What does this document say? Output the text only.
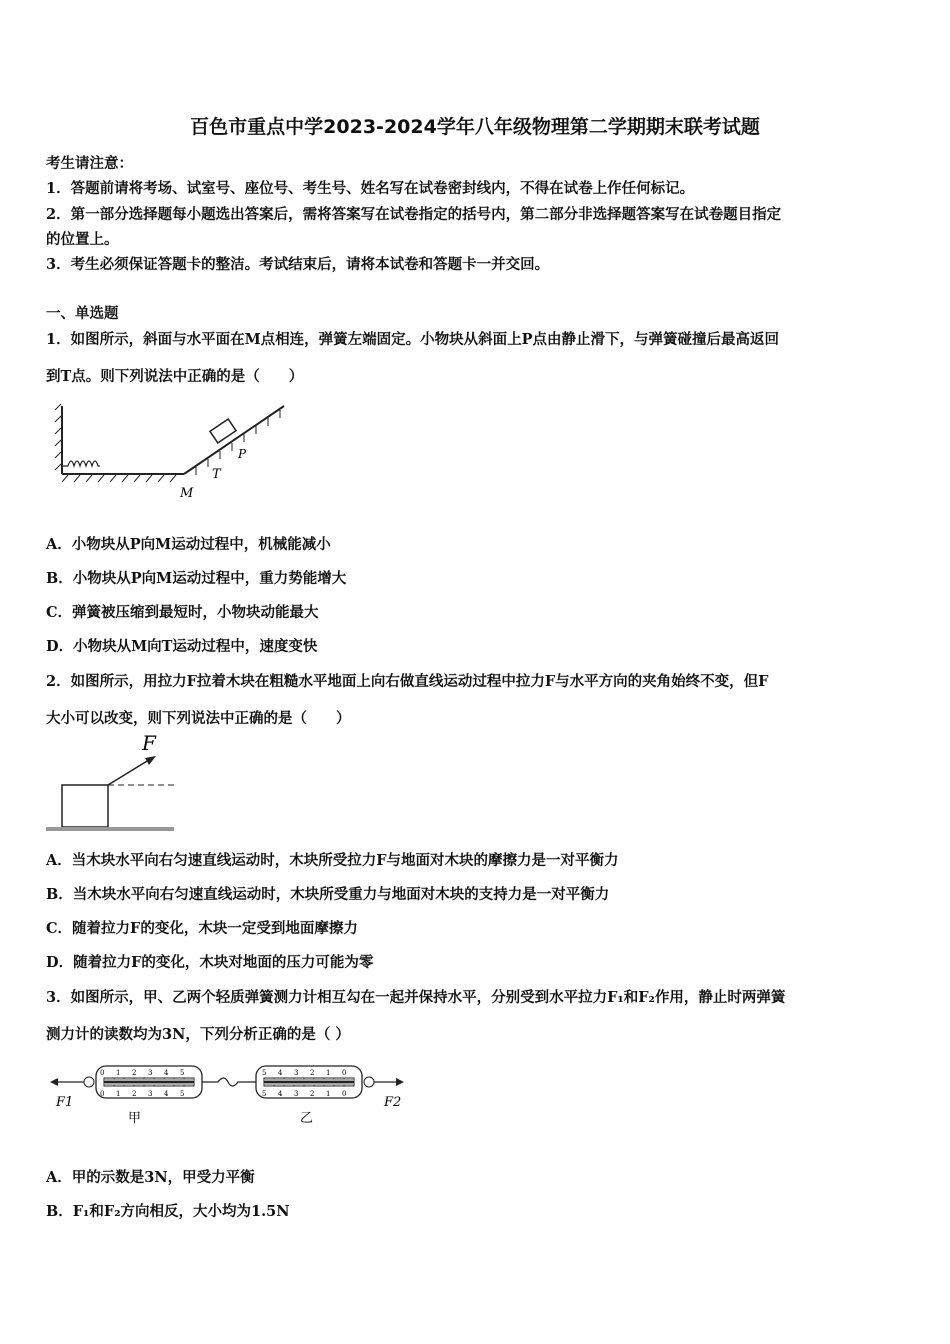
百色市重点中学2023-2024学年八年级物理第二学期期末联考试题
考生请注意：
1．答题前请将考场、试室号、座位号、考生号、姓名写在试卷密封线内，不得在试卷上作任何标记。
2．第一部分选择题每小题选出答案后，需将答案写在试卷指定的括号内，第二部分非选择题答案写在试卷题目指定
的位置上。
3．考生必须保证答题卡的整洁。考试结束后，请将本试卷和答题卡一并交回。
一、单选题
1．如图所示，斜面与水平面在M点相连，弹簧左端固定。小物块从斜面上P点由静止滑下，与弹簧碰撞后最高返回
到T点。则下列说法中正确的是（　　）
M
T
P
A．小物块从P向M运动过程中，机械能减小
B．小物块从P向M运动过程中，重力势能增大
C．弹簧被压缩到最短时，小物块动能最大
D．小物块从M向T运动过程中，速度变快
2．如图所示，用拉力F拉着木块在粗糙水平地面上向右做直线运动过程中拉力F与水平方向的夹角始终不变，但F
大小可以改变，则下列说法中正确的是（　　）
F
A．当木块水平向右匀速直线运动时，木块所受拉力F与地面对木块的摩擦力是一对平衡力
B．当木块水平向右匀速直线运动时，木块所受重力与地面对木块的支持力是一对平衡力
C．随着拉力F的变化，木块一定受到地面摩擦力
D．随着拉力F的变化，木块对地面的压力可能为零
3．如图所示，甲、乙两个轻质弹簧测力计相互勾在一起并保持水平，分别受到水平拉力F₁和F₂作用，静止时两弹簧
测力计的读数均为3N，下列分析正确的是（ ）
0 1 2 3 4 5
0 1 2 3 4 5
5 4 3 2 1 0
5 4 3 2 1 0
F1	F2
甲	乙
A．甲的示数是3N，甲受力平衡
B．F₁和F₂方向相反，大小均为1.5N
